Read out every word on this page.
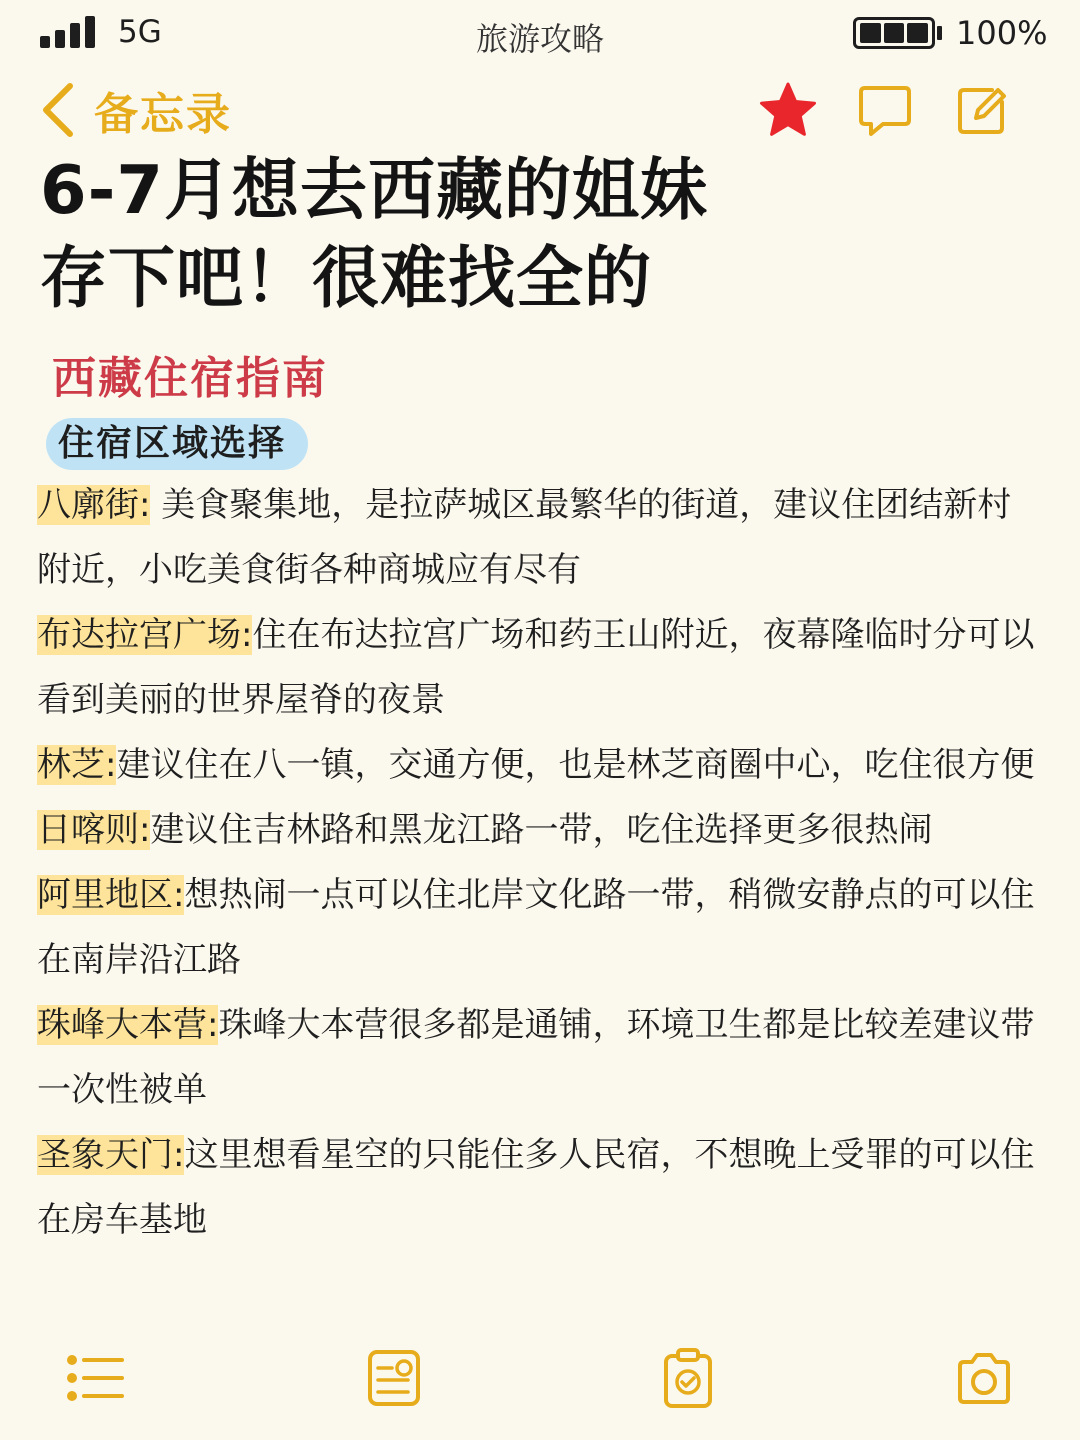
5G	旅游攻略	100%
备忘录
6-7月想去西藏的姐妹
存下吧！很难找全的
西藏住宿指南
住宿区域选择

八廓街: 美食聚集地，是拉萨城区最繁华的街道，建议住团结新村附近，小吃美食街各种商城应有尽有

布达拉宫广场:住在布达拉宫广场和药王山附近，夜幕隆临时分可以看到美丽的世界屋脊的夜景

林芝:建议住在八一镇，交通方便，也是林芝商圈中心，吃住很方便

日喀则:建议住吉林路和黑龙江路一带，吃住选择更多很热闹

阿里地区:想热闹一点可以住北岸文化路一带，稍微安静点的可以住在南岸沿江路

珠峰大本营:珠峰大本营很多都是通铺，环境卫生都是比较差建议带一次性被单

圣象天门:这里想看星空的只能住多人民宿，不想晚上受罪的可以住在房车基地
